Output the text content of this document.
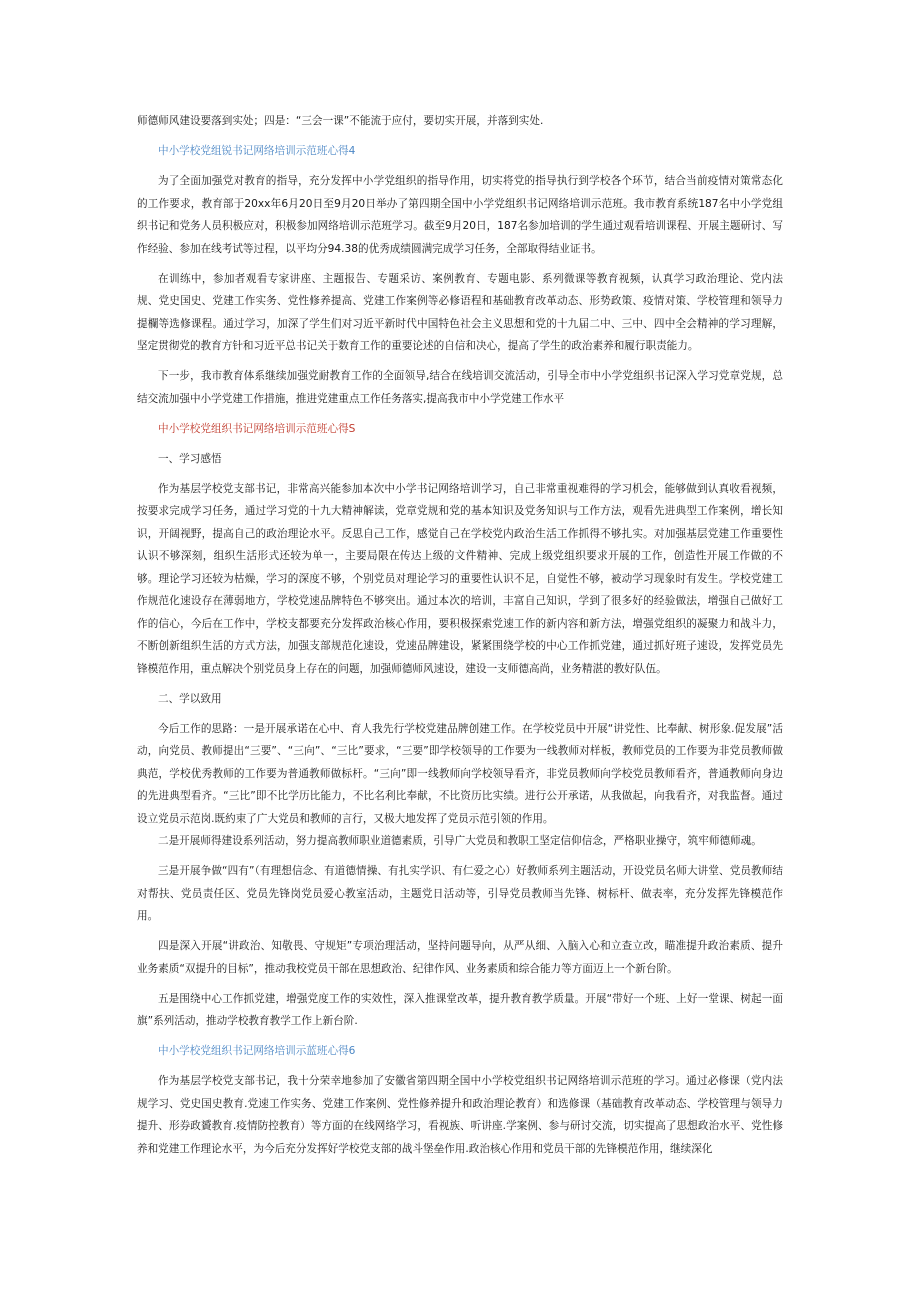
师德师风建设要落到实处；四是：“三会一课”不能流于应付，要切实开展，并落到实处.

中小学校党组锐书记网络培训示范班心得4

为了全面加强党对教育的指导，充分发挥中小学党组织的指导作用，切实将党的指导执行到学校各个环节，结合当前疫情对策常态化的工作要求，教育部于20xx年6月20日至9月20日举办了第四期全国中小学党组织书记网络培训示范班。我市教育系统187名中小学党组织书记和党务人员积极应对，积极参加网络培训示范班学习。截至9月20日，187名参加培训的学生通过观看培训课程、开展主题研讨、写作经验、参加在线考试等过程，以平均分94.38的优秀成绩圆满完成学习任务，全部取得结业证书。

在训练中，参加者观看专家讲座、主题报告、专题采访、案例教育、专题电影、系列微课等教育视频，认真学习政治理论、党内法规、党史国史、党建工作实务、党性修养提高、党建工作案例等必修语程和基础教育改革动态、形势政策、疫情对策、学校管理和领导力提欄等选修课程。通过学习，加深了学生们对习近平新时代中国特色社会主义思想和党的十九届二中、三中、四中全会精神的学习理解，坚定贯彻党的教育方针和习近平总书记关于数育工作的重要论述的自信和决心，提高了学生的政治素养和履行职责能力。

下一步，我市教育体系继续加强党耐教育工作的全面领导,结合在线培训交流活动，引导全市中小学党组织书记深入学习党章党规，总结交流加强中小学党建工作措施，推进党建重点工作任务落实,提高我市中小学党建工作水平

中小学校党组织书记网络培训示范班心得S

一、学习感悟

作为基层学校党支部书记，非常高兴能参加本次中小学书记网络培训学习，自己非常重视难得的学习机会，能够做到认真收看视频，按要求完成学习任务，通过学习党的十九大精神解读，党章党规和党的基本知识及党务知识与工作方法，观看先进典型工作案例，增长知识，开阔视野，提高自己的政治理论水平。反思自己工作，感觉自己在学校党内政治生活工作抓得不够扎实。对加强基层党建工作重要性认识不够深刻，组织生活形式还较为单一，主要局限在传达上级的文件精神、完成上级党组织要求开展的工作，创造性开展工作做的不够。理论学习还较为枯燥，学习的深度不够，个别党员对理论学习的重要性认识不足，自觉性不够，被动学习现象时有发生。学校党建工作规范化速设存在薄弱地方，学校党速品牌特色不够突出。通过本次的培训，丰富自己知识，学到了很多好的经验做法，增强自己做好工作的信心，今后在工作中，学校支都要充分发挥政治核心作用，要积极探索党速工作的新内容和新方法，增强党组织的凝聚力和战斗力，不断创新组织生活的方式方法，加强支部规范化速设，党速品牌建设，紧紧围绕学校的中心工作抓党建，通过抓好班子速设，发挥党员先锋模范作用，重点解决个别党员身上存在的问题，加强师德师风速设，建设一支师德高尚，业务精湛的教好队伍。

二、学以致用

今后工作的思路：一是开展承诺在心中、育人我先行学校党建品牌创建工作。在学校党员中开展“讲党性、比奉献、树形象.促发展”活动，向党员、教师提出“三要”、“三向”、“三比”要求，“三要”即学校领导的工作要为一线教师对样板，教师党员的工作要为非党员教师做典范，学校优秀教师的工作要为普通教师做标杆。“三向”即一线教师向学校领导看齐，非党员教师向学校党员教师看齐，普通教师向身边的先进典型看齐。“三比”即不比学历比能力，不比名利比奉献，不比资历比实绩。进行公开承诺，从我做起，向我看齐，对我监督。通过设立党员示范岗.既約束了广大党员和教师的言行，又极大地发挥了党员示范引领的作用。

二是开展师得建设系列活动，努力提高教师职业道德素质，引导广大党员和教职工坚定信仰信念，严格职业操守，筑牢师德师魂。

三是开展争做“四有”（有理想信念、有道德情操、有扎实学识、有仁爱之心）好教师系列主题活动，开设党员名师大讲堂、党员教师结对帮扶、党员责任区、党员先锋岗党员爱心教室活动，主题党日活动等，引导党员教师当先锋、树标杆、做表率，充分发挥先锋模范作用。

四是深入开展“讲政治、知敬畏、守规矩”专项治理活动，坚持问题导向，从严从细、入脑入心和立查立改，瞄准提升政治素质、提升业务素质“双提升的目标”，推动我校党员干部在思想政治、纪律作风、业务素质和综合能力等方面迈上一个新台阶。

五是围绕中心工作抓党建，增强党度工作的实效性，深入推课堂改革，提升教育教学质量。开展“带好一个班、上好一堂课、树起一面旗”系列活动，推动学校教育教学工作上新台阶.

中小学校党组织书记网络培训示蓝班心得6

作为基层学校党支部书记，我十分荣幸地参加了安徽省第四期全国中小学校党组织书记网络培训示范班的学习。通过必修课（党内法规学习、党史国史教育.党速工作实务、党建工作案例、党性修养提升和政治理论教育）和选修课（基础教育改革动态、学校管理与领导力提升、形券政贇教育.疫情防控教育）等方面的在线网络学习，看视族、听讲座.学案例、参与研讨交流，切实提高了思想政治水平、党性修养和党建工作理论水平，为今后充分发挥好学校党支部的战斗堡垒作用.政治核心作用和党员干部的先锋模范作用，继续深化
